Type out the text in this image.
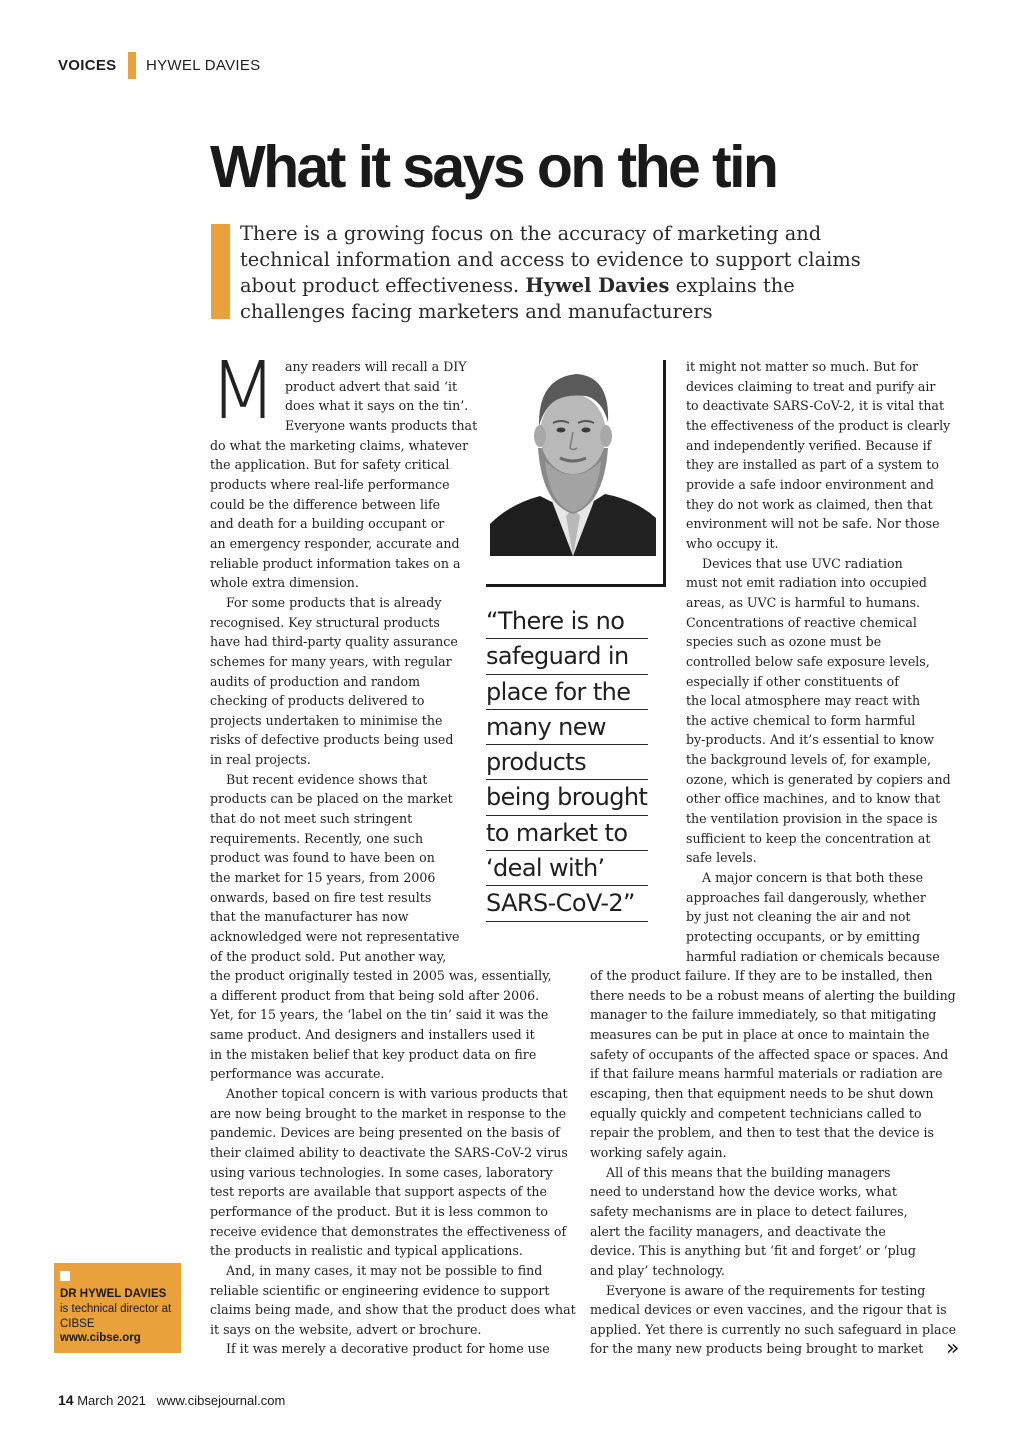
VOICES HYWEL DAVIES
What it says on the tin
There is a growing focus on the accuracy of marketing and technical information and access to evidence to support claims about product effectiveness. Hywel Davies explains the challenges facing marketers and manufacturers
M any readers will recall a DIY
product advert that said ‘it
does what it says on the tin’.
Everyone wants products that
do what the marketing claims, whatever
the application. But for safety critical
products where real-life performance
could be the difference between life
and death for a building occupant or
an emergency responder, accurate and
reliable product information takes on a
whole extra dimension.
For some products that is already
recognised. Key structural products
have had third-party quality assurance
schemes for many years, with regular
audits of production and random
checking of products delivered to
projects undertaken to minimise the
risks of defective products being used
in real projects.
But recent evidence shows that
products can be placed on the market
that do not meet such stringent
requirements. Recently, one such
product was found to have been on
the market for 15 years, from 2006
onwards, based on fire test results
that the manufacturer has now
acknowledged were not representative
of the product sold. Put another way,
the product originally tested in 2005 was, essentially,
a different product from that being sold after 2006.
Yet, for 15 years, the ‘label on the tin’ said it was the
same product. And designers and installers used it
in the mistaken belief that key product data on fire
performance was accurate.
Another topical concern is with various products that
are now being brought to the market in response to the
pandemic. Devices are being presented on the basis of
their claimed ability to deactivate the SARS-CoV-2 virus
using various technologies. In some cases, laboratory
test reports are available that support aspects of the
performance of the product. But it is less common to
receive evidence that demonstrates the effectiveness of
the products in realistic and typical applications.
And, in many cases, it may not be possible to find
reliable scientific or engineering evidence to support
claims being made, and show that the product does what
it says on the website, advert or brochure.
If it was merely a decorative product for home use
“There is no
safeguard in
place for the
many new
products
being brought
to market to
‘deal with’
SARS-CoV-2”
it might not matter so much. But for
devices claiming to treat and purify air
to deactivate SARS-CoV-2, it is vital that
the effectiveness of the product is clearly
and independently verified. Because if
they are installed as part of a system to
provide a safe indoor environment and
they do not work as claimed, then that
environment will not be safe. Nor those
who occupy it.
Devices that use UVC radiation
must not emit radiation into occupied
areas, as UVC is harmful to humans.
Concentrations of reactive chemical
species such as ozone must be
controlled below safe exposure levels,
especially if other constituents of
the local atmosphere may react with
the active chemical to form harmful
by-products. And it’s essential to know
the background levels of, for example,
ozone, which is generated by copiers and
other office machines, and to know that
the ventilation provision in the space is
sufficient to keep the concentration at
safe levels.
A major concern is that both these
approaches fail dangerously, whether
by just not cleaning the air and not
protecting occupants, or by emitting
harmful radiation or chemicals because
of the product failure. If they are to be installed, then
there needs to be a robust means of alerting the building
manager to the failure immediately, so that mitigating
measures can be put in place at once to maintain the
safety of occupants of the affected space or spaces. And
if that failure means harmful materials or radiation are
escaping, then that equipment needs to be shut down
equally quickly and competent technicians called to
repair the problem, and then to test that the device is
working safely again.
All of this means that the building managers
need to understand how the device works, what
safety mechanisms are in place to detect failures,
alert the facility managers, and deactivate the
device. This is anything but ‘fit and forget’ or ‘plug
and play’ technology.
Everyone is aware of the requirements for testing
medical devices or even vaccines, and the rigour that is
applied. Yet there is currently no such safeguard in place
for the many new products being brought to market	»
DR HYWEL DAVIES
is technical director at CIBSE
www.cibse.org
14 March 2021 www.cibsejournal.com
